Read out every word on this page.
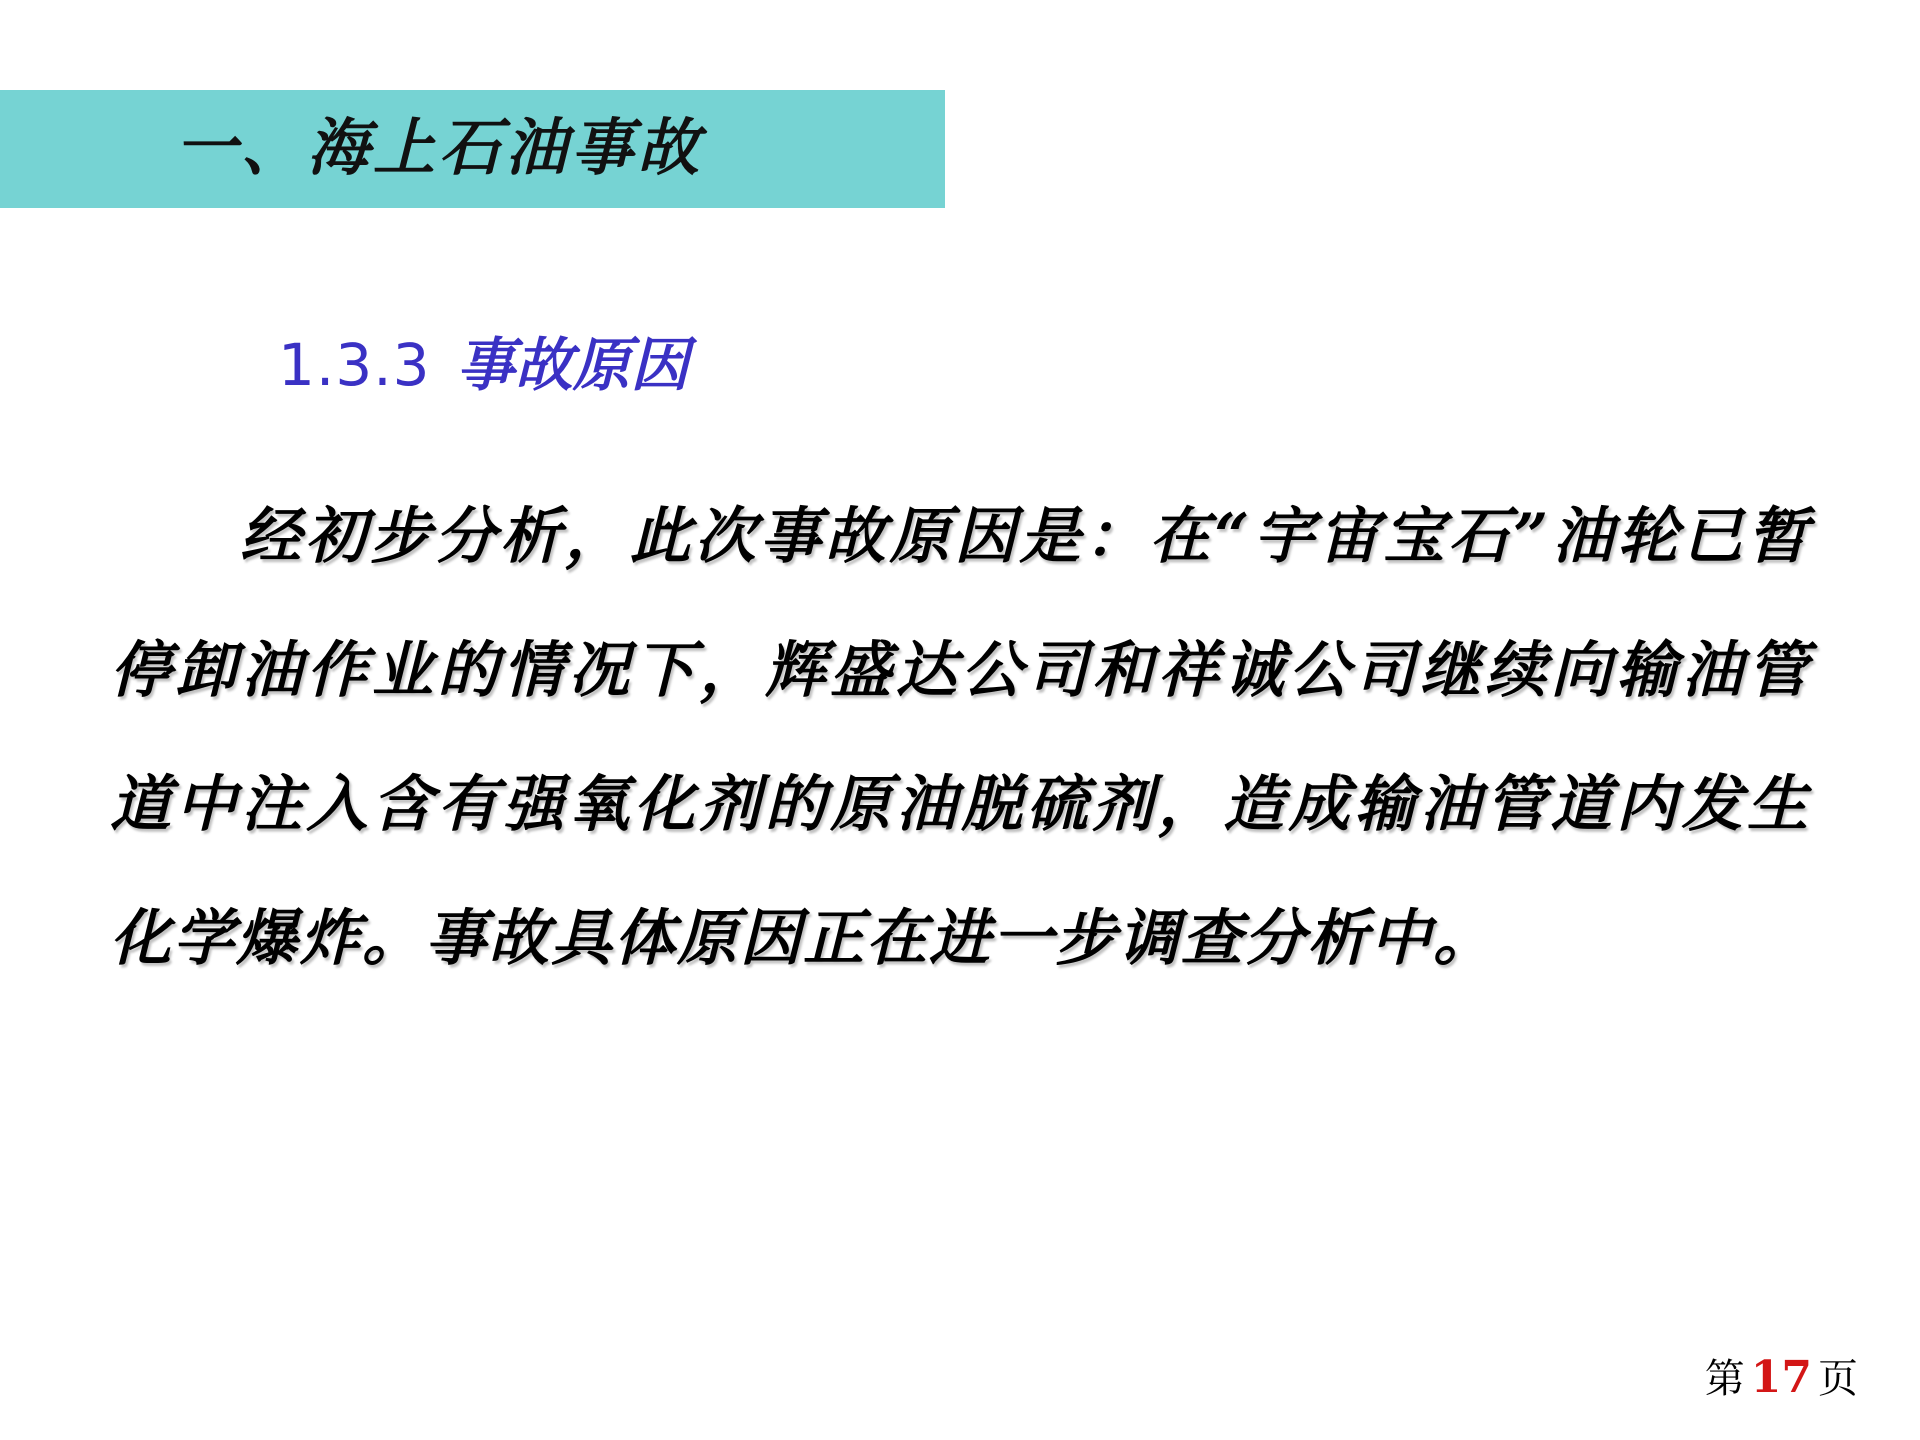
一、海上石油事故
1.3.3 事故原因
经初步分析，此次事故原因是：在“宇宙宝石”油轮已暂停卸油作业的情况下，辉盛达公司和祥诚公司继续向输油管道中注入含有强氧化剂的原油脱硫剂，造成输油管道内发生化学爆炸。事故具体原因正在进一步调查分析中。
第 17 页
